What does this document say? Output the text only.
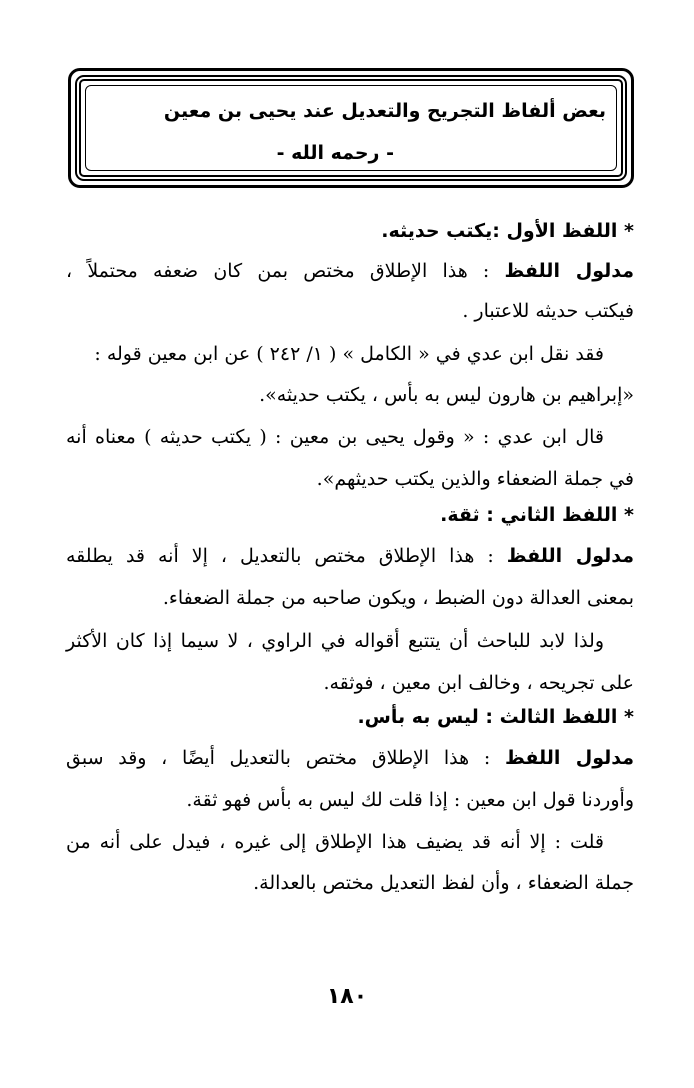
بعض ألفاظ التجريح والتعديل عند يحيى بن معين
- رحمه الله -
* اللفظ الأول :يكتب حديثه.
مدلول اللفظ : هذا الإطلاق مختص بمن كان ضعفه محتملاً ،
فيكتب حديثه للاعتبار .
فقد نقل ابن عدي في « الكامل » ( ١/ ٢٤٢ ) عن ابن معين قوله :
«إبراهيم بن هارون ليس به بأس ، يكتب حديثه».
قال ابن عدي : « وقول يحيى بن معين : ( يكتب حديثه ) معناه أنه
في جملة الضعفاء والذين يكتب حديثهم».
* اللفظ الثاني : ثقة.
مدلول اللفظ : هذا الإطلاق مختص بالتعديل ، إلا أنه قد يطلقه
بمعنى العدالة دون الضبط ، ويكون صاحبه من جملة الضعفاء.
ولذا لابد للباحث أن يتتبع أقواله في الراوي ، لا سيما إذا كان الأكثر
على تجريحه ، وخالف ابن معين ، فوثقه.
* اللفظ الثالث : ليس به بأس.
مدلول اللفظ : هذا الإطلاق مختص بالتعديل أيضًا ، وقد سبق
وأوردنا قول ابن معين : إذا قلت لك ليس به بأس فهو ثقة.
قلت : إلا أنه قد يضيف هذا الإطلاق إلى غيره ، فيدل على أنه من
جملة الضعفاء ، وأن لفظ التعديل مختص بالعدالة.
١٨٠
